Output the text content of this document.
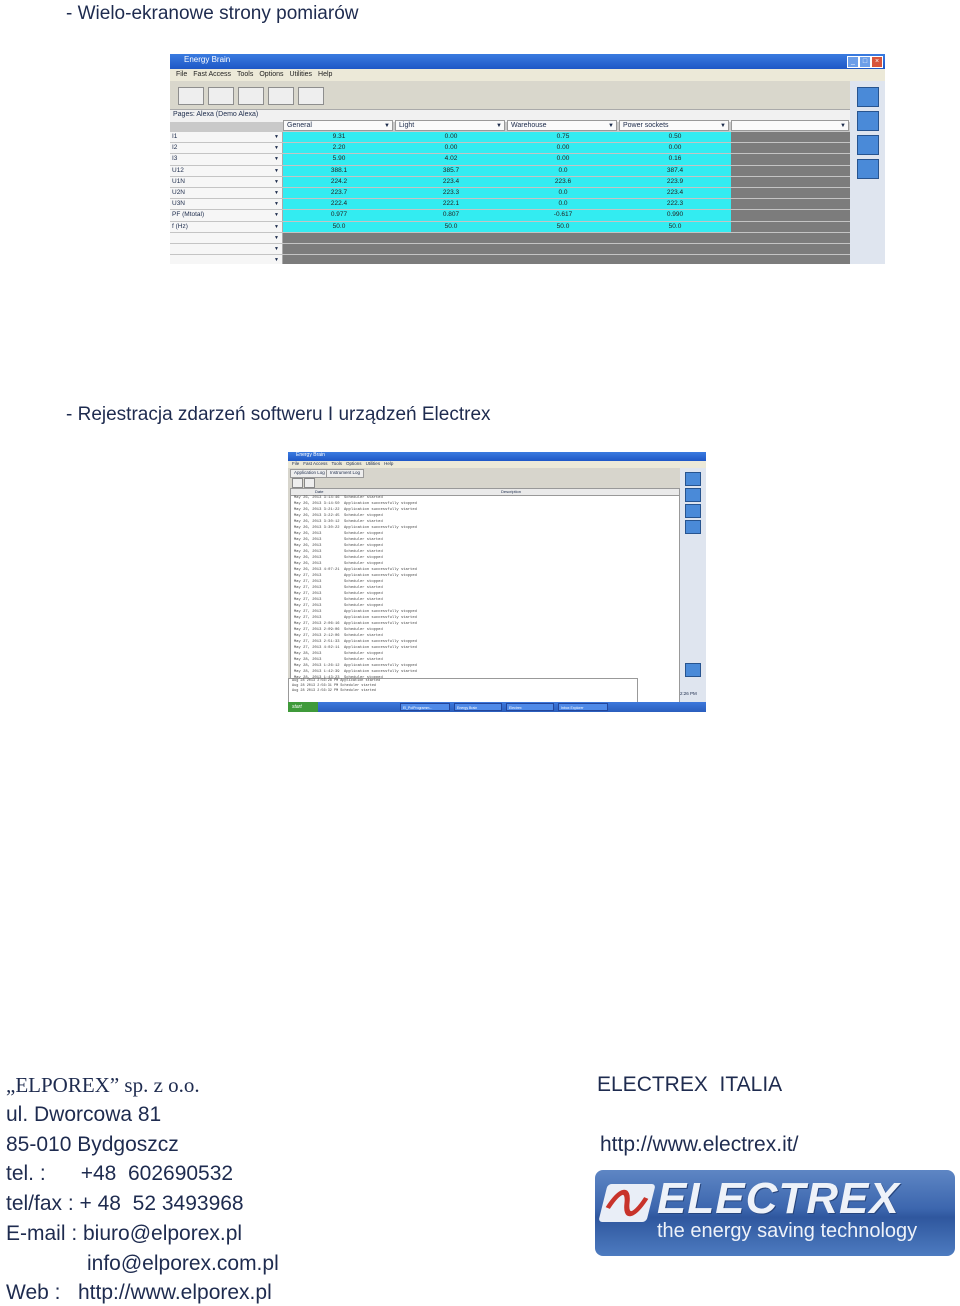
- Wielo-ekranowe strony pomiarów
- Rejestracja zdarzeń softweru I urządzeń Electrex
Energy Brain	_	□	×
File Fast Access Tools Options Utilities Help
Pages: Alexa (Demo Alexa)
General ▼	Light ▼	Warehouse ▼	Power sockets ▼
▼
I1 ▼	9.31	0.00	0.75	0.50
I2 ▼	2.20	0.00	0.00	0.00
I3 ▼	5.90	4.02	0.00	0.16
U12 ▼	388.1	385.7	0.0	387.4
U1N ▼	224.2	223.4	223.6	223.9
U2N ▼	223.7	223.3	0.0	223.4
U3N ▼	222.4	222.1	0.0	222.3
PF (Mtotal) ▼	0.977	0.807	-0.617	0.990
f (Hz) ▼	50.0	50.0	50.0	50.0
▼
▼
▼
Energy Brain
File Fast Access Tools Options Utilities Help
Application Log	Instrument Log
Date	Description
May 26, 2013 3:14:46 Scheduler started
May 26, 2013 3:14:50 Application successfully stopped
May 26, 2013 3:21:22 Application successfully started
May 26, 2013 3:22:45 Scheduler stopped
May 26, 2013 3:30:12 Scheduler started
May 26, 2013 3:30:22 Application successfully stopped
May 26, 2013	Scheduler stopped
May 26, 2013	Scheduler started
May 26, 2013	Scheduler stopped
May 26, 2013	Scheduler started
May 26, 2013	Scheduler stopped
May 26, 2013	Scheduler stopped
May 26, 2013 4:07:21 Application successfully started
May 27, 2013	Application successfully stopped
May 27, 2013	Scheduler stopped
May 27, 2013	Scheduler started
May 27, 2013	Scheduler stopped
May 27, 2013	Scheduler started
May 27, 2013	Scheduler stopped
May 27, 2013	Application successfully stopped
May 27, 2013	Application successfully started
May 27, 2013 2:06:16 Application successfully started
May 27, 2013 2:09:06 Scheduler stopped
May 27, 2013 2:12:06 Scheduler started
May 27, 2013 2:51:33 Application successfully stopped
May 27, 2013 4:02:11 Application successfully started
May 28, 2013	Scheduler stopped
May 28, 2013	Scheduler started
May 28, 2013 1:26:12 Application successfully stopped
May 28, 2013 1:42:39 Application successfully started
Aug 28 2013 2:56:28 PM Application started
Aug 28 2013 2:56:31 PM Scheduler started
Aug 28 2013 2:56:32 PM Scheduler started	2:26 PM
start	El_PolProgramm...	Energy Brain	Electrex	Inbox Explorer
„ELPOREX” sp. z o.o.
ul. Dworcowa 81
85-010 Bydgoszcz
tel. :      +48  602690532
tel/fax : + 48  52 3493968
E-mail : biuro@elporex.pl
info@elporex.com.pl
Web :   http://www.elporex.pl
ELECTREX  ITALIA
http://www.electrex.it/
ELECTREX
the energy saving technology
